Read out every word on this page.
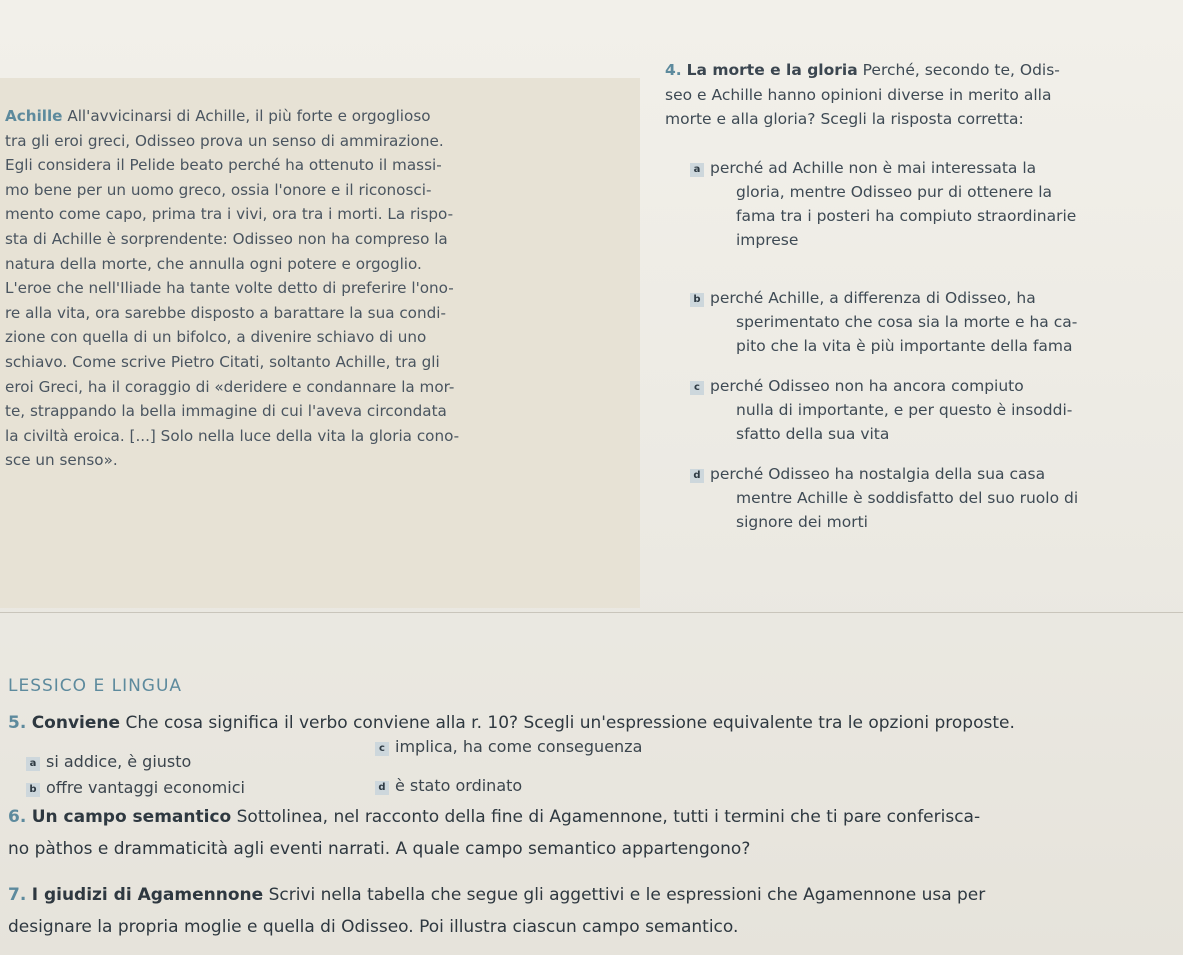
Achille All'avvicinarsi di Achille, il più forte e orgoglioso
tra gli eroi greci, Odisseo prova un senso di ammirazione.
Egli considera il Pelide beato perché ha ottenuto il massi-
mo bene per un uomo greco, ossia l'onore e il riconosci-
mento come capo, prima tra i vivi, ora tra i morti. La rispo-
sta di Achille è sorprendente: Odisseo non ha compreso la
natura della morte, che annulla ogni potere e orgoglio.
L'eroe che nell'Iliade ha tante volte detto di preferire l'ono-
re alla vita, ora sarebbe disposto a barattare la sua condi-
zione con quella di un bifolco, a divenire schiavo di uno
schiavo. Come scrive Pietro Citati, soltanto Achille, tra gli
eroi Greci, ha il coraggio di «deridere e condannare la mor-
te, strappando la bella immagine di cui l'aveva circondata
la civiltà eroica. [...] Solo nella luce della vita la gloria cono-
sce un senso».
4. La morte e la gloria Perché, secondo te, Odis-
seo e Achille hanno opinioni diverse in merito alla
morte e alla gloria? Scegli la risposta corretta:
a perché ad Achille non è mai interessata la
gloria, mentre Odisseo pur di ottenere la
fama tra i posteri ha compiuto straordinarie
imprese
b perché Achille, a differenza di Odisseo, ha
sperimentato che cosa sia la morte e ha ca-
pito che la vita è più importante della fama
c perché Odisseo non ha ancora compiuto
nulla di importante, e per questo è insoddi-
sfatto della sua vita
d perché Odisseo ha nostalgia della sua casa
mentre Achille è soddisfatto del suo ruolo di
signore dei morti
LESSICO E LINGUA
5. Conviene Che cosa significa il verbo conviene alla r. 10? Scegli un'espressione equivalente tra le opzioni proposte.
a si addice, è giusto
b offre vantaggi economici
c implica, ha come conseguenza
d è stato ordinato
6. Un campo semantico Sottolinea, nel racconto della fine di Agamennone, tutti i termini che ti pare conferisca-
no pàthos e drammaticità agli eventi narrati. A quale campo semantico appartengono?
7. I giudizi di Agamennone Scrivi nella tabella che segue gli aggettivi e le espressioni che Agamennone usa per
designare la propria moglie e quella di Odisseo. Poi illustra ciascun campo semantico.
